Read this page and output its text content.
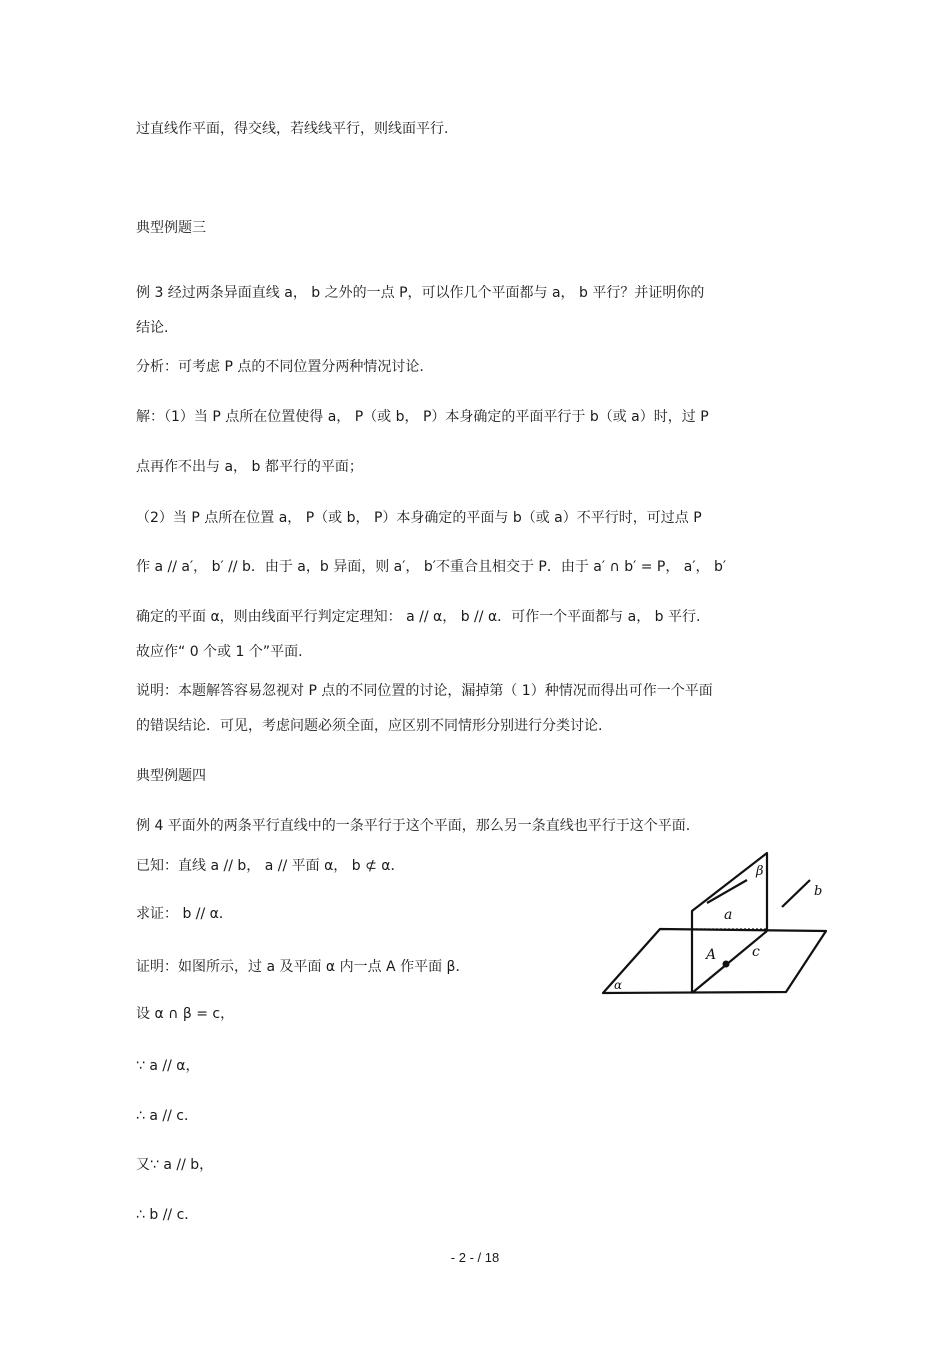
过直线作平面，得交线，若线线平行，则线面平行.
典型例题三
例 3 经过两条异面直线 a， b 之外的一点 P，可以作几个平面都与 a， b 平行？并证明你的
结论.
分析：可考虑 P 点的不同位置分两种情况讨论.
解：（1）当 P 点所在位置使得 a， P（或 b， P）本身确定的平面平行于 b（或 a）时，过 P
点再作不出与 a， b 都平行的平面；
（2）当 P 点所在位置 a， P（或 b， P）本身确定的平面与 b（或 a）不平行时，可过点 P
作 a // a′， b′ // b．由于 a，b 异面，则 a′， b′不重合且相交于 P．由于 a′ ∩ b′ = P， a′， b′
确定的平面 α，则由线面平行判定定理知： a // α， b // α．可作一个平面都与 a， b 平行.
故应作“ 0 个或 1 个”平面.
说明：本题解答容易忽视对 P 点的不同位置的讨论，漏掉第（ 1）种情况而得出可作一个平面
的错误结论．可见，考虑问题必须全面，应区别不同情形分别进行分类讨论.
典型例题四
例 4 平面外的两条平行直线中的一条平行于这个平面，那么另一条直线也平行于这个平面.
已知：直线 a // b， a // 平面 α， b ⊄ α．
求证： b // α．
证明：如图所示，过 a 及平面 α 内一点 A 作平面 β．
设 α ∩ β = c，
∵ a // α，
∴ a // c．
又∵ a // b，
∴ b // c．
β
a
b
A	c
α
- 2 - / 18
